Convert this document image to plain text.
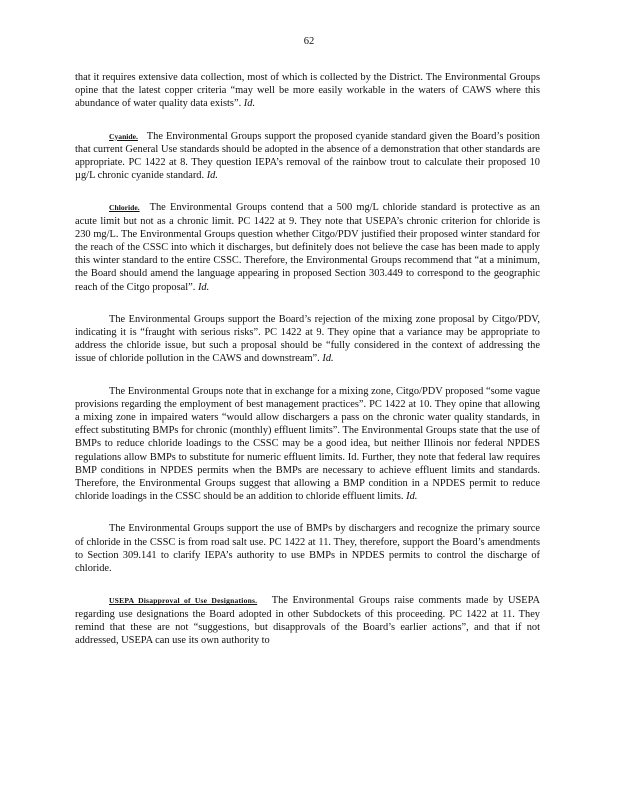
62

that it requires extensive data collection, most of which is collected by the District. The Environmental Groups opine that the latest copper criteria “may well be more easily workable in the waters of CAWS where this abundance of water quality data exists”. Id.

Cyanide. The Environmental Groups support the proposed cyanide standard given the Board’s position that current General Use standards should be adopted in the absence of a demonstration that other standards are appropriate. PC 1422 at 8. They question IEPA’s removal of the rainbow trout to calculate their proposed 10 µg/L chronic cyanide standard. Id.

Chloride. The Environmental Groups contend that a 500 mg/L chloride standard is protective as an acute limit but not as a chronic limit. PC 1422 at 9. They note that USEPA’s chronic criterion for chloride is 230 mg/L. The Environmental Groups question whether Citgo/PDV justified their proposed winter standard for the reach of the CSSC into which it discharges, but definitely does not believe the case has been made to apply this winter standard to the entire CSSC. Therefore, the Environmental Groups recommend that “at a minimum, the Board should amend the language appearing in proposed Section 303.449 to correspond to the geographic reach of the Citgo proposal”. Id.

The Environmental Groups support the Board’s rejection of the mixing zone proposal by Citgo/PDV, indicating it is “fraught with serious risks”. PC 1422 at 9. They opine that a variance may be appropriate to address the chloride issue, but such a proposal should be “fully considered in the context of addressing the issue of chloride pollution in the CAWS and downstream”. Id.

The Environmental Groups note that in exchange for a mixing zone, Citgo/PDV proposed “some vague provisions regarding the employment of best management practices”. PC 1422 at 10. They opine that allowing a mixing zone in impaired waters “would allow dischargers a pass on the chronic water quality standards, in effect substituting BMPs for chronic (monthly) effluent limits”. The Environmental Groups state that the use of BMPs to reduce chloride loadings to the CSSC may be a good idea, but neither Illinois nor federal NPDES regulations allow BMPs to substitute for numeric effluent limits. Id. Further, they note that federal law requires BMP conditions in NPDES permits when the BMPs are necessary to achieve effluent limits and standards. Therefore, the Environmental Groups suggest that allowing a BMP condition in a NPDES permit to reduce chloride loadings in the CSSC should be an addition to chloride effluent limits. Id.

The Environmental Groups support the use of BMPs by dischargers and recognize the primary source of chloride in the CSSC is from road salt use. PC 1422 at 11. They, therefore, support the Board’s amendments to Section 309.141 to clarify IEPA’s authority to use BMPs in NPDES permits to control the discharge of chloride.

USEPA Disapproval of Use Designations. The Environmental Groups raise comments made by USEPA regarding use designations the Board adopted in other Subdockets of this proceeding. PC 1422 at 11. They remind that these are not “suggestions, but disapprovals of the Board’s earlier actions”, and that if not addressed, USEPA can use its own authority to
